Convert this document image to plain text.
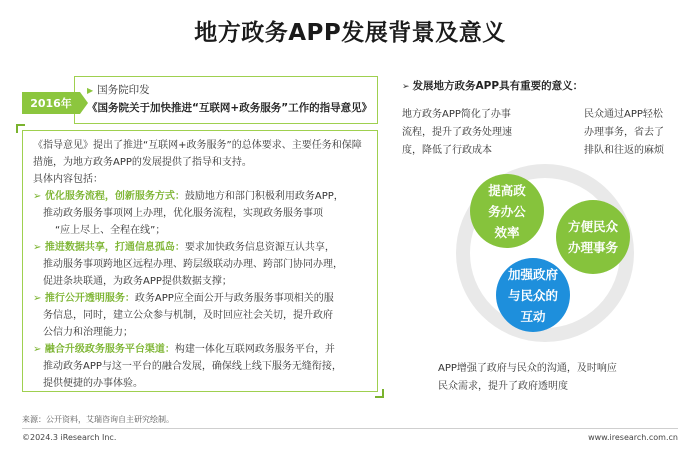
地方政务APP发展背景及意义
▶ 国务院印发
《国务院关于加快推进“互联网+政务服务”工作的指导意见》
2016年

《指导意见》提出了推进“互联网+政务服务”的总体要求、主要任务和保障措施，为地方政务APP的发展提供了指导和支持。

具体内容包括：

➢ 优化服务流程，创新服务方式：鼓励地方和部门积极利用政务APP，

推动政务服务事项网上办理，优化服务流程，实现政务服务事项

“应上尽上、全程在线”；

➢ 推进数据共享，打通信息孤岛：要求加快政务信息资源互认共享，

推动服务事项跨地区远程办理、跨层级联动办理、跨部门协同办理，

促进条块联通，为政务APP提供数据支撑；

➢ 推行公开透明服务：政务APP应全面公开与政务服务事项相关的服

务信息，同时，建立公众参与机制，及时回应社会关切，提升政府

公信力和治理能力；

➢ 融合升级政务服务平台渠道：构建一体化互联网政务服务平台，并

推动政务APP与这一平台的融合发展，确保线上线下服务无缝衔接，

提供便捷的办事体验。

➢ 发展地方政务APP具有重要的意义：
地方政务APP简化了办事
流程，提升了政务处理速
度，降低了行政成本
民众通过APP轻松
办理事务，省去了
排队和往返的麻烦
提高政
务办公
效率	方便民众
办理事务
加强政府
与民众的
互动
APP增强了政府与民众的沟通，及时响应
民众需求，提升了政府透明度
来源：公开资料，艾瑞咨询自主研究绘制。
©2024.3 iResearch Inc.	www.iresearch.com.cn
